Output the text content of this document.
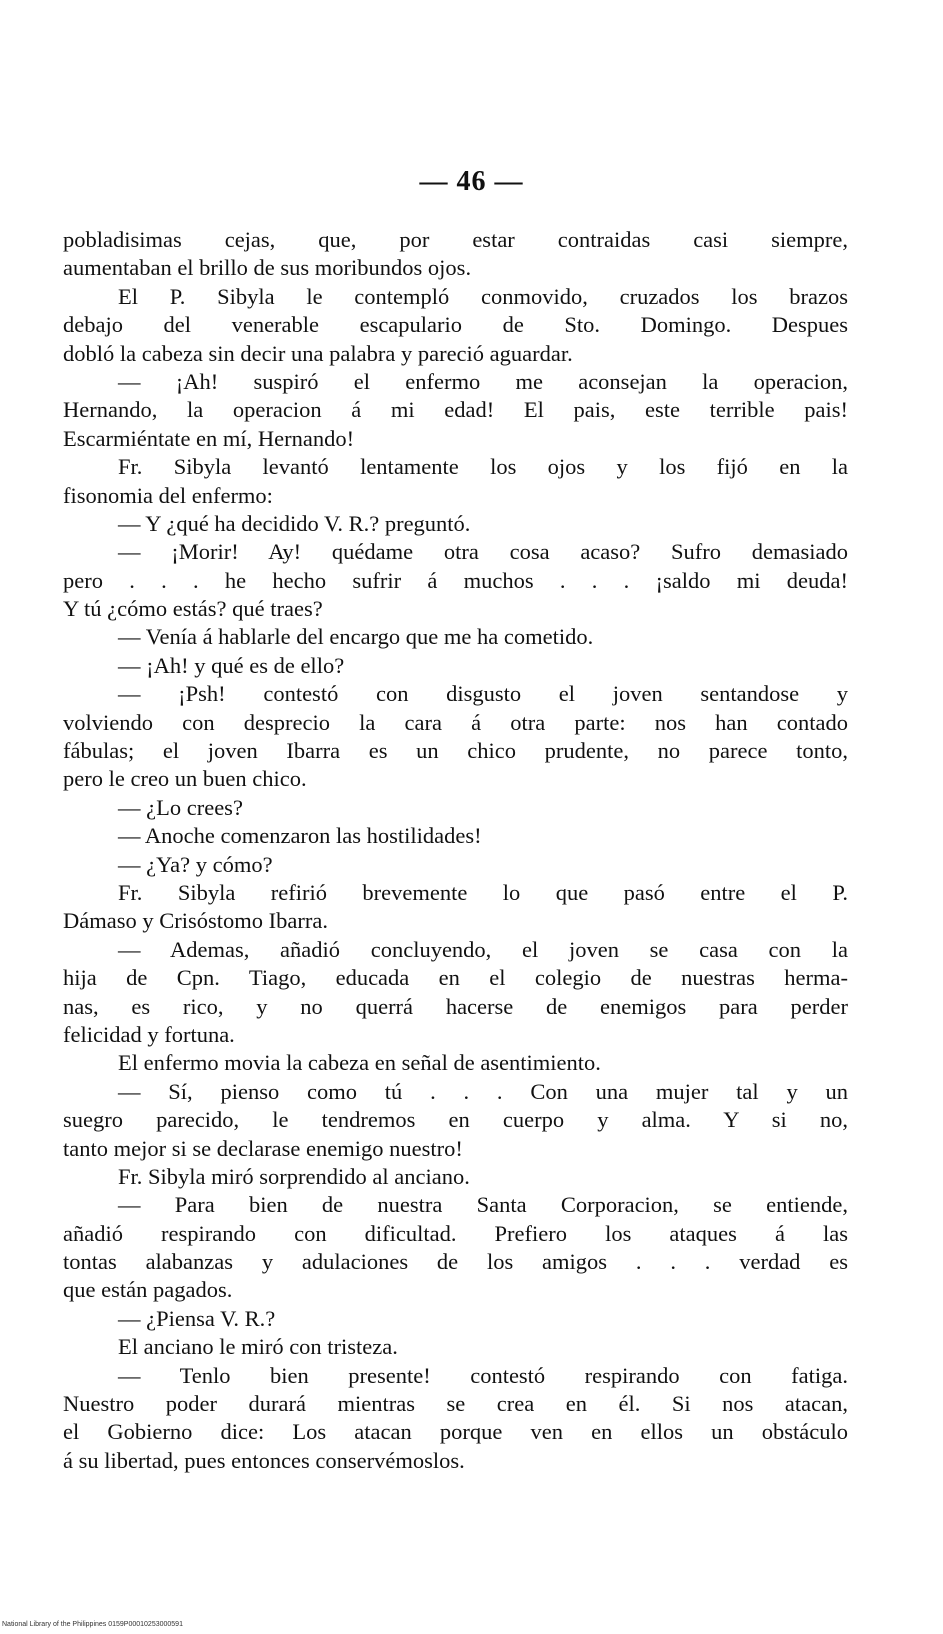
— 46 —
pobladisimas cejas, que, por estar contraidas casi siempre,
aumentaban el brillo de sus moribundos ojos.
El P. Sibyla le contempló conmovido, cruzados los brazos
debajo del venerable escapulario de Sto. Domingo. Despues
dobló la cabeza sin decir una palabra y pareció aguardar.
— ¡Ah! suspiró el enfermo me aconsejan la operacion,
Hernando, la operacion á mi edad! El pais, este terrible pais!
Escarmiéntate en mí, Hernando!
Fr. Sibyla levantó lentamente los ojos y los fijó en la
fisonomia del enfermo:
— Y ¿qué ha decidido V. R.? preguntó.
— ¡Morir! Ay! quédame otra cosa acaso? Sufro demasiado
pero . . . he hecho sufrir á muchos . . . ¡saldo mi deuda!
Y tú ¿cómo estás? qué traes?
— Venía á hablarle del encargo que me ha cometido.
— ¡Ah! y qué es de ello?
— ¡Psh! contestó con disgusto el joven sentandose y
volviendo con desprecio la cara á otra parte: nos han contado
fábulas; el joven Ibarra es un chico prudente, no parece tonto,
pero le creo un buen chico.
— ¿Lo crees?
— Anoche comenzaron las hostilidades!
— ¿Ya? y cómo?
Fr. Sibyla refirió brevemente lo que pasó entre el P.
Dámaso y Crisóstomo Ibarra.
— Ademas, añadió concluyendo, el joven se casa con la
hija de Cpn. Tiago, educada en el colegio de nuestras herma-
nas, es rico, y no querrá hacerse de enemigos para perder
felicidad y fortuna.
El enfermo movia la cabeza en señal de asentimiento.
— Sí, pienso como tú . . . Con una mujer tal y un
suegro parecido, le tendremos en cuerpo y alma. Y si no,
tanto mejor si se declarase enemigo nuestro!
Fr. Sibyla miró sorprendido al anciano.
— Para bien de nuestra Santa Corporacion, se entiende,
añadió respirando con dificultad. Prefiero los ataques á las
tontas alabanzas y adulaciones de los amigos . . . verdad es
que están pagados.
— ¿Piensa V. R.?
El anciano le miró con tristeza.
— Tenlo bien presente! contestó respirando con fatiga.
Nuestro poder durará mientras se crea en él. Si nos atacan,
el Gobierno dice: Los atacan porque ven en ellos un obstáculo
á su libertad, pues entonces conservémoslos.
National Library of the Philippines 0159P00010253000591
